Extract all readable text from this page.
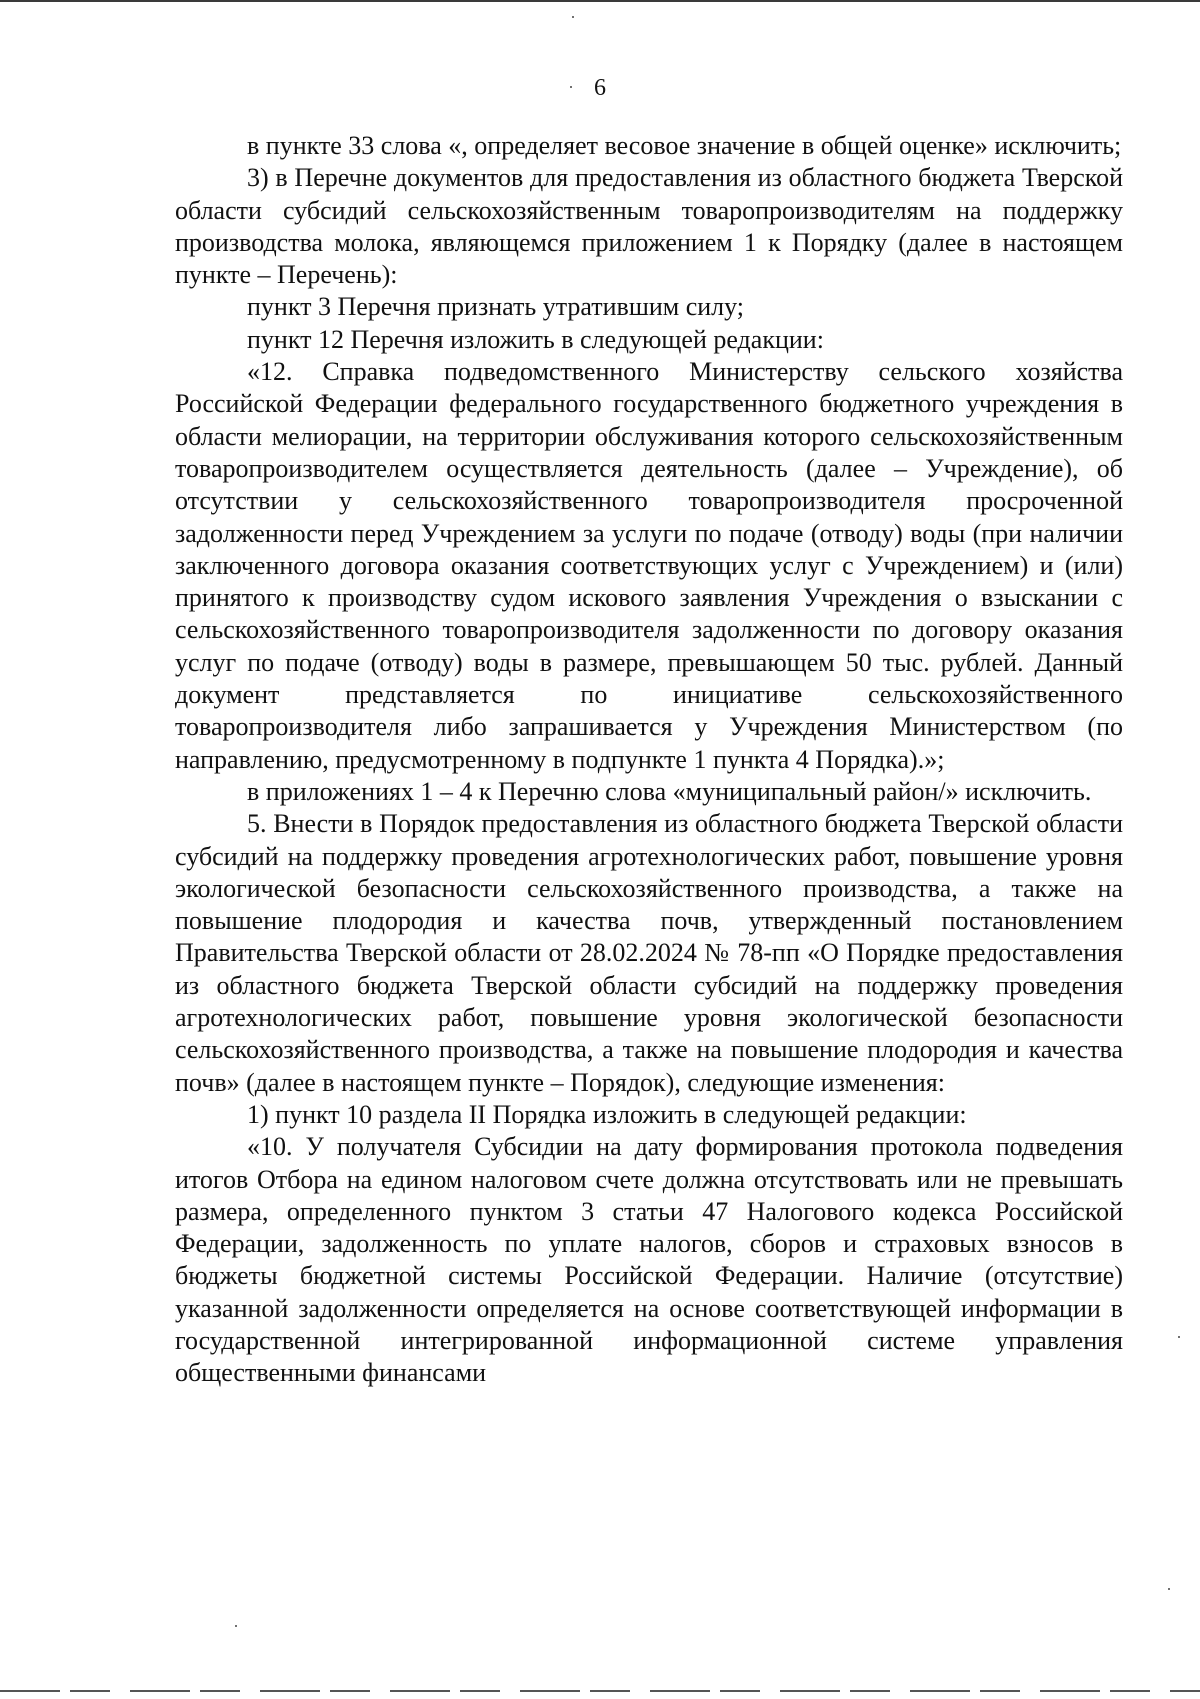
6

в пункте 33 слова «, определяет весовое значение в общей оценке» исключить;

3) в Перечне документов для предоставления из областного бюджета Тверской области субсидий сельскохозяйственным товаропроизводителям на поддержку производства молока, являющемся приложением 1 к Порядку (далее в настоящем пункте – Перечень):

пункт 3 Перечня признать утратившим силу;

пункт 12 Перечня изложить в следующей редакции:

«12. Справка подведомственного Министерству сельского хозяйства Российской Федерации федерального государственного бюджетного учреждения в области мелиорации, на территории обслуживания которого сельскохозяйственным товаропроизводителем осуществляется деятельность (далее – Учреждение), об отсутствии у сельскохозяйственного товаропроизводителя просроченной задолженности перед Учреждением за услуги по подаче (отводу) воды (при наличии заключенного договора оказания соответствующих услуг с Учреждением) и (или) принятого к производству судом искового заявления Учреждения о взыскании с сельскохозяйственного товаропроизводителя задолженности по договору оказания услуг по подаче (отводу) воды в размере, превышающем 50 тыс. рублей. Данный документ представляется по инициативе сельскохозяйственного товаропроизводителя либо запрашивается у Учреждения Министерством (по направлению, предусмотренному в подпункте 1 пункта 4 Порядка).»;

в приложениях 1 – 4 к Перечню слова «муниципальный район/» исключить.

5. Внести в Порядок предоставления из областного бюджета Тверской области субсидий на поддержку проведения агротехнологических работ, повышение уровня экологической безопасности сельскохозяйственного производства, а также на повышение плодородия и качества почв, утвержденный постановлением Правительства Тверской области от 28.02.2024 № 78-пп «О Порядке предоставления из областного бюджета Тверской области субсидий на поддержку проведения агротехнологических работ, повышение уровня экологической безопасности сельскохозяйственного производства, а также на повышение плодородия и качества почв» (далее в настоящем пункте – Порядок), следующие изменения:

1) пункт 10 раздела II Порядка изложить в следующей редакции:

«10. У получателя Субсидии на дату формирования протокола подведения итогов Отбора на едином налоговом счете должна отсутствовать или не превышать размера, определенного пунктом 3 статьи 47 Налогового кодекса Российской Федерации, задолженность по уплате налогов, сборов и страховых взносов в бюджеты бюджетной системы Российской Федерации. Наличие (отсутствие) указанной задолженности определяется на основе соответствующей информации в государственной интегрированной информационной системе управления общественными финансами
